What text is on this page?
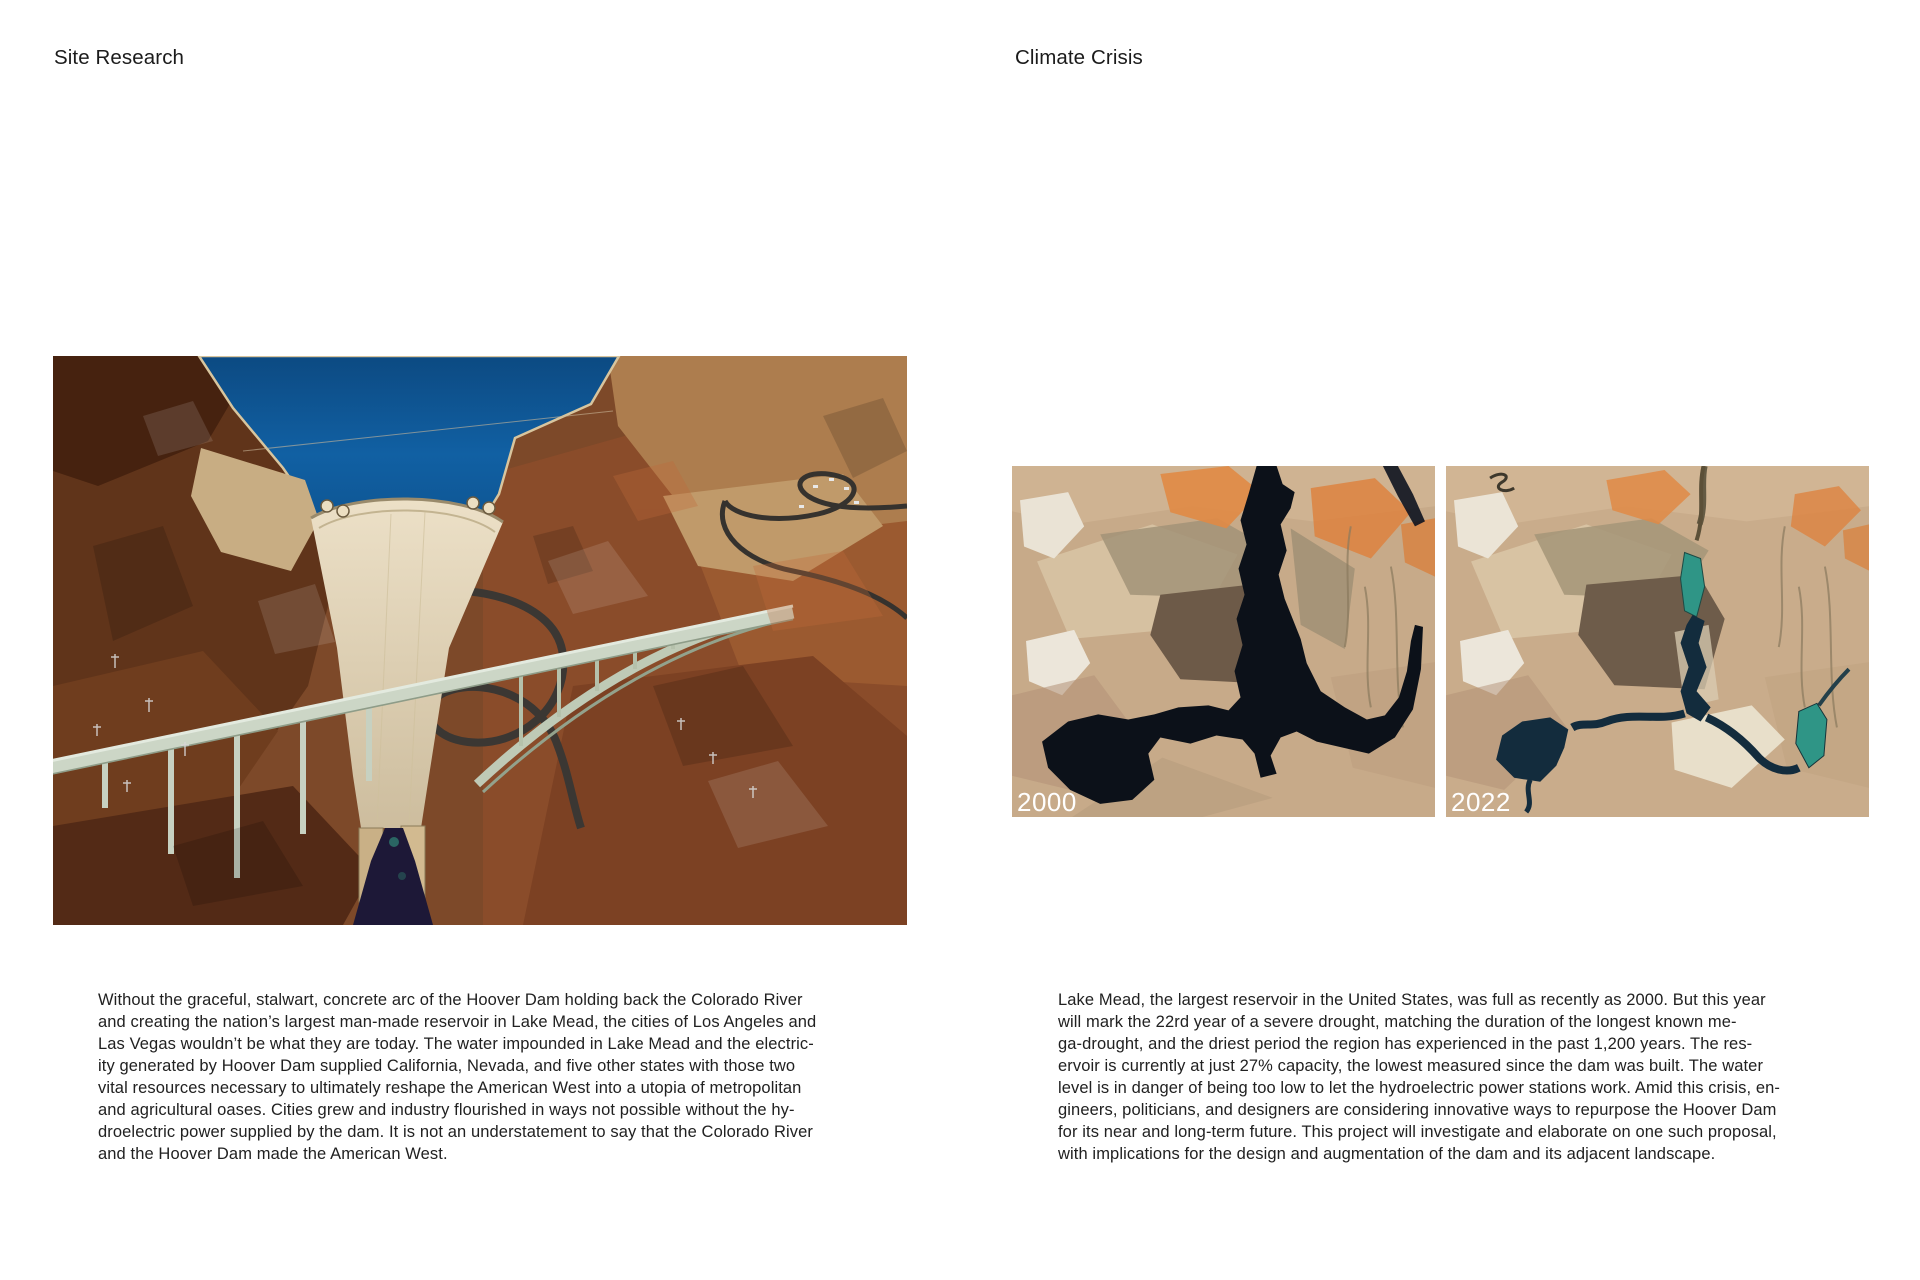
Site Research
Without the graceful, stalwart, concrete arc of the Hoover Dam holding back the Colorado River
and creating the nation’s largest man-made reservoir in Lake Mead, the cities of Los Angeles and
Las Vegas wouldn’t be what they are today. The water impounded in Lake Mead and the electric-
ity generated by Hoover Dam supplied California, Nevada, and five other states with those two
vital resources necessary to ultimately reshape the American West into a utopia of metropolitan
and agricultural oases. Cities grew and industry flourished in ways not possible without the hy-
droelectric power supplied by the dam. It is not an understatement to say that the Colorado River
and the Hoover Dam made the American West.
Climate Crisis
2000	2022
Lake Mead, the largest reservoir in the United States, was full as recently as 2000. But this year
will mark the 22rd year of a severe drought, matching the duration of the longest known me-
ga-drought, and the driest period the region has experienced in the past 1,200 years. The res-
ervoir is currently at just 27% capacity, the lowest measured since the dam was built. The water
level is in danger of being too low to let the hydroelectric power stations work. Amid this crisis, en-
gineers, politicians, and designers are considering innovative ways to repurpose the Hoover Dam
for its near and long-term future. This project will investigate and elaborate on one such proposal,
with implications for the design and augmentation of the dam and its adjacent landscape.
